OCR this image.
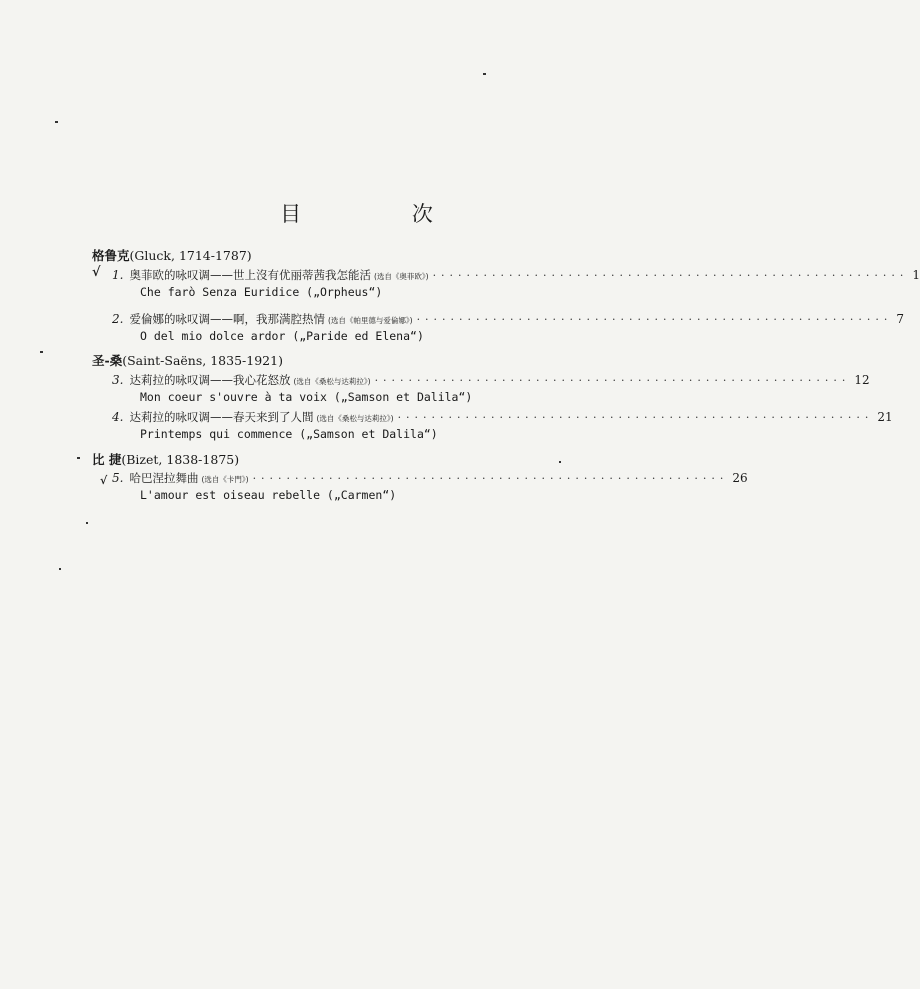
目 次
格鲁克(Gluck, 1714-1787)
√ 1. 奥菲欧的咏叹调——世上沒有优丽蒂茜我怎能活 (选自《奥菲欧》) ························································ 1
Che farò Senza Euridice („Orpheus“)
2. 爱倫娜的咏叹调——啊，我那满腔热情 (选自《帕里德与爱倫娜》) ························································ 7
O del mio dolce ardor („Paride ed Elena“)
圣-桑(Saint-Saëns, 1835-1921)
3. 达莉拉的咏叹调——我心花怒放 (选自《桑松与达莉拉》) ························································ 12
Mon coeur s'ouvre à ta voix („Samson et Dalila“)
4. 达莉拉的咏叹调——春天来到了人間 (选自《桑松与达莉拉》) ························································ 21
Printemps qui commence („Samson et Dalila“)
比 捷(Bizet, 1838-1875)
√ 5. 哈巴涅拉舞曲 (选自《卡門》) ························································ 26
L'amour est oiseau rebelle („Carmen“)
